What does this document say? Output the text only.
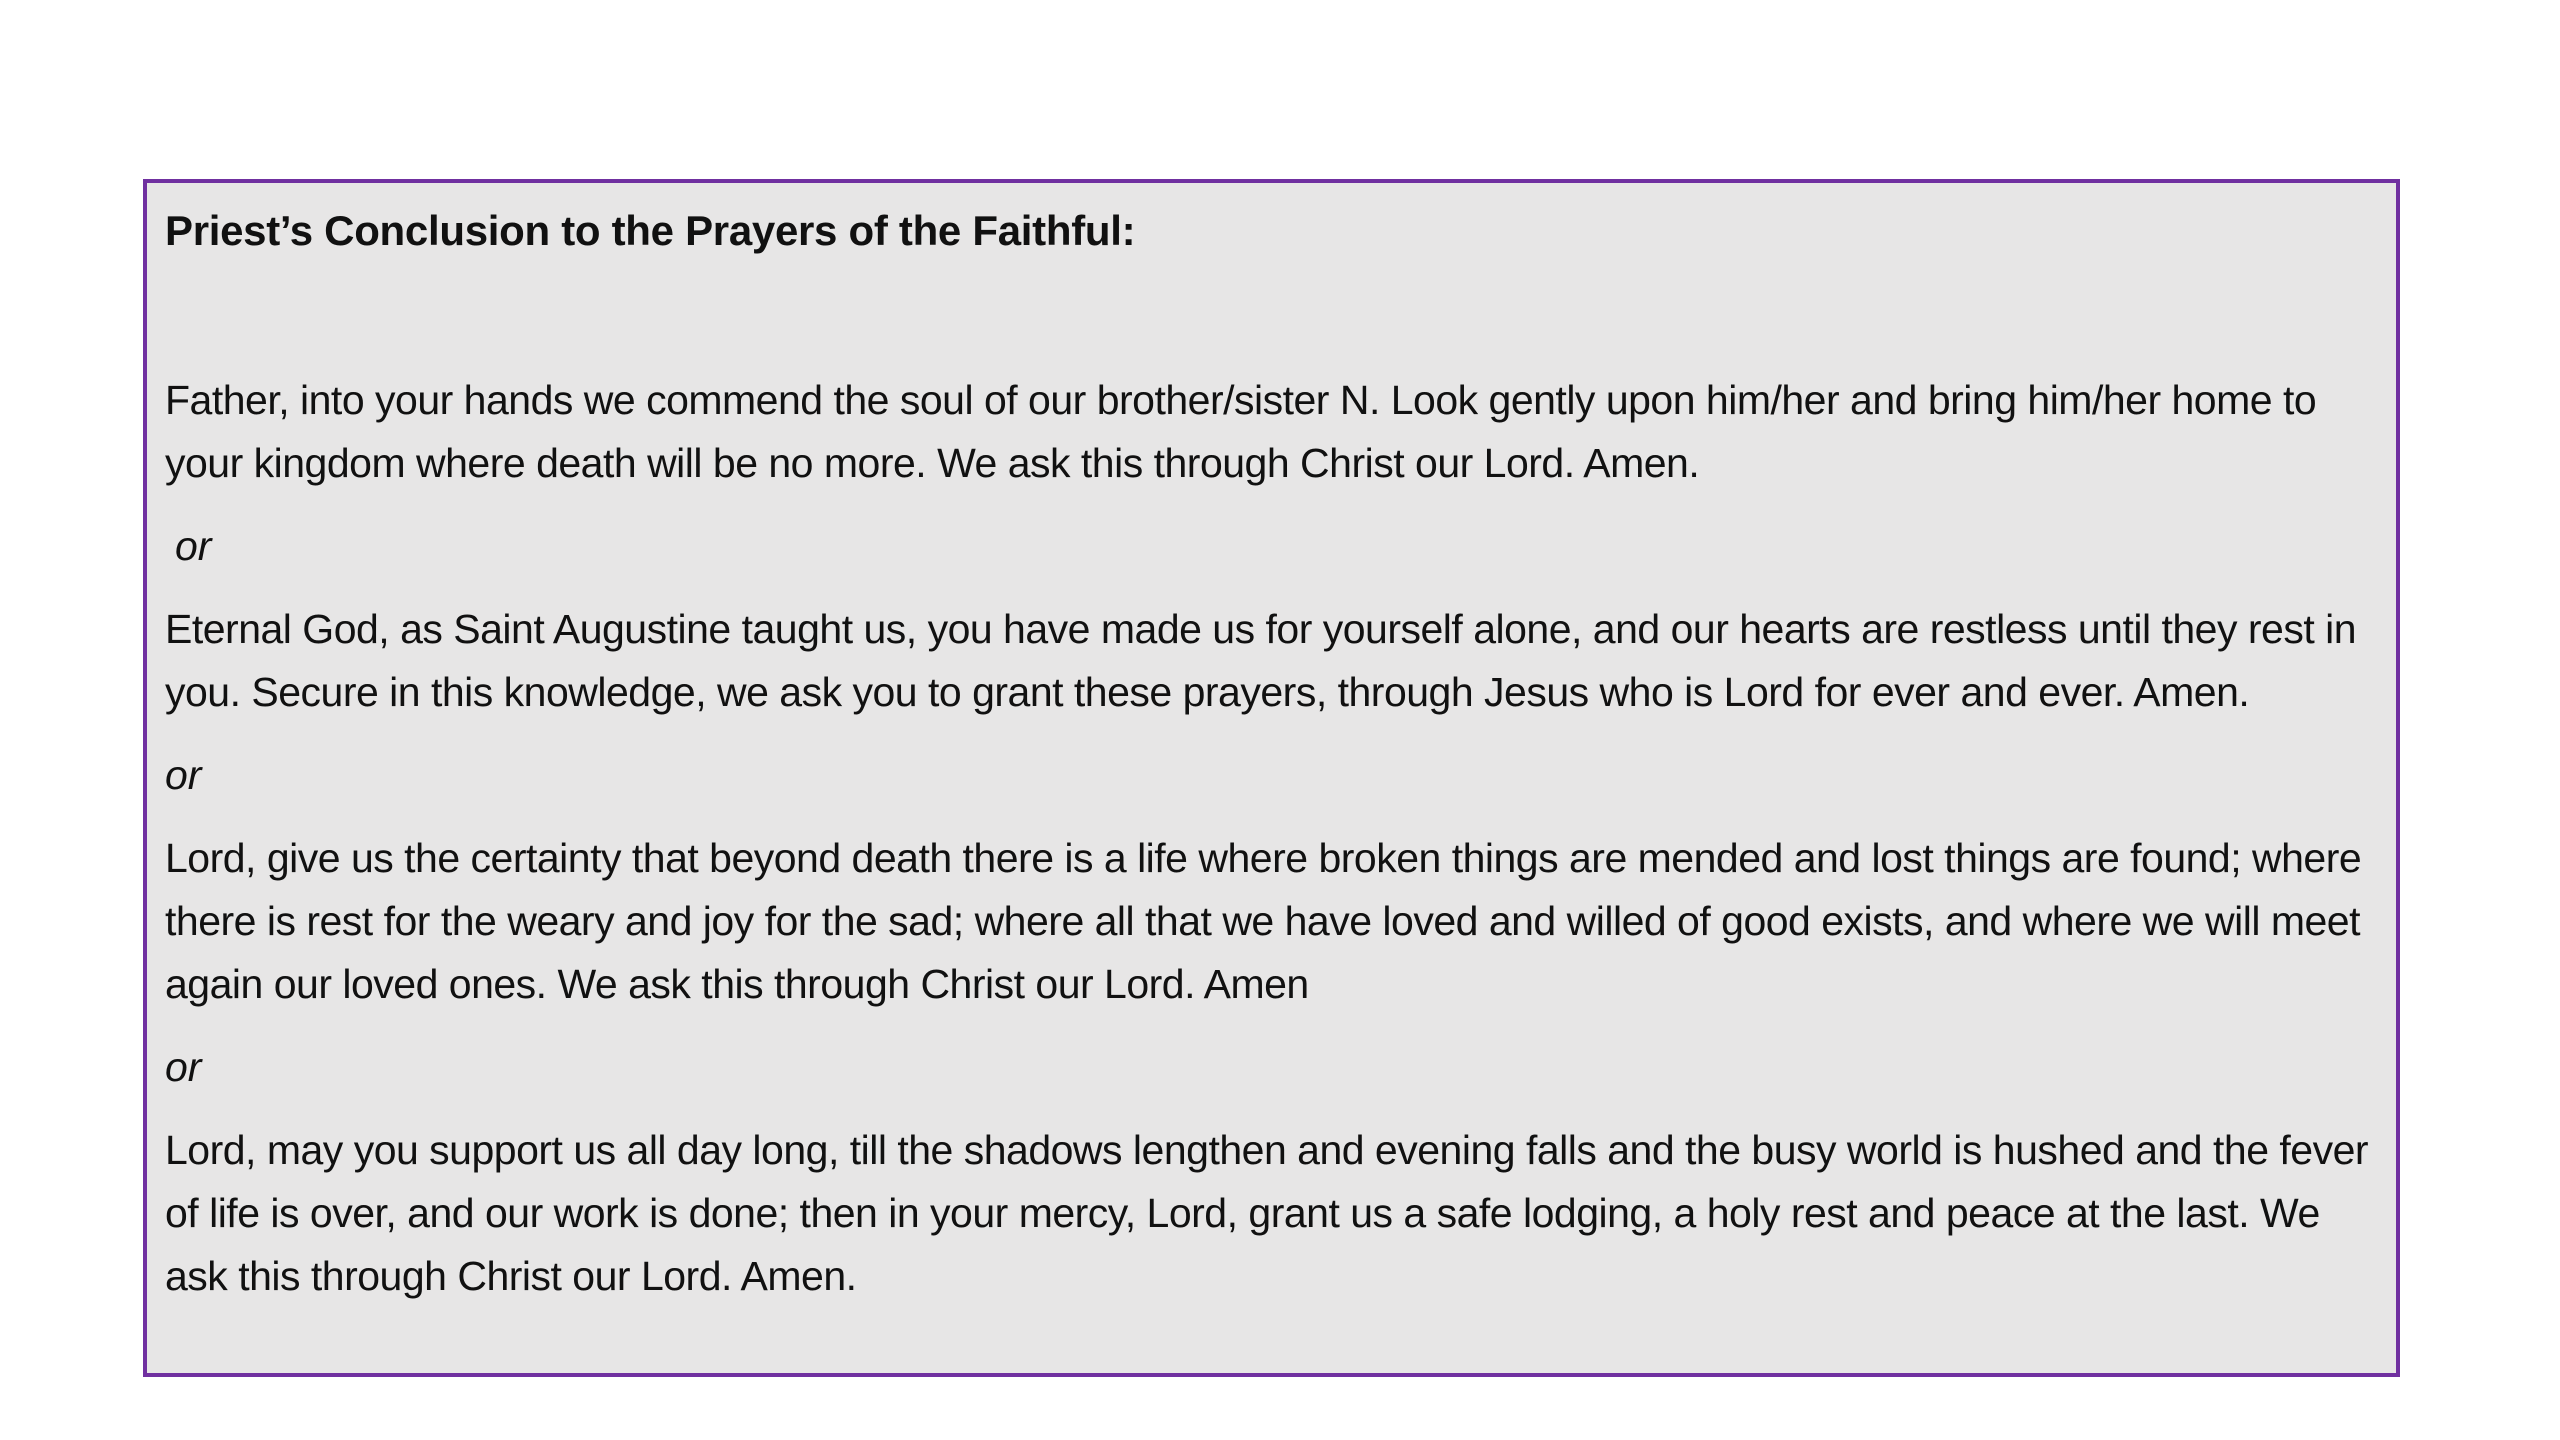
Priest’s Conclusion to the Prayers of the Faithful:

Father, into your hands we commend the soul of our brother/sister N. Look gently upon him/her and bring him/her home to your kingdom where death will be no more. We ask this through Christ our Lord. Amen.

or

Eternal God, as Saint Augustine taught us, you have made us for yourself alone, and our hearts are restless until they rest in you. Secure in this knowledge, we ask you to grant these prayers, through Jesus who is Lord for ever and ever. Amen.

or

Lord, give us the certainty that beyond death there is a life where broken things are mended and lost things are found; where there is rest for the weary and joy for the sad; where all that we have loved and willed of good exists, and where we will meet again our loved ones. We ask this through Christ our Lord. Amen

or

Lord, may you support us all day long, till the shadows lengthen and evening falls and the busy world is hushed and the fever of life is over, and our work is done; then in your mercy, Lord, grant us a safe lodging, a holy rest and peace at the last. We ask this through Christ our Lord. Amen.
